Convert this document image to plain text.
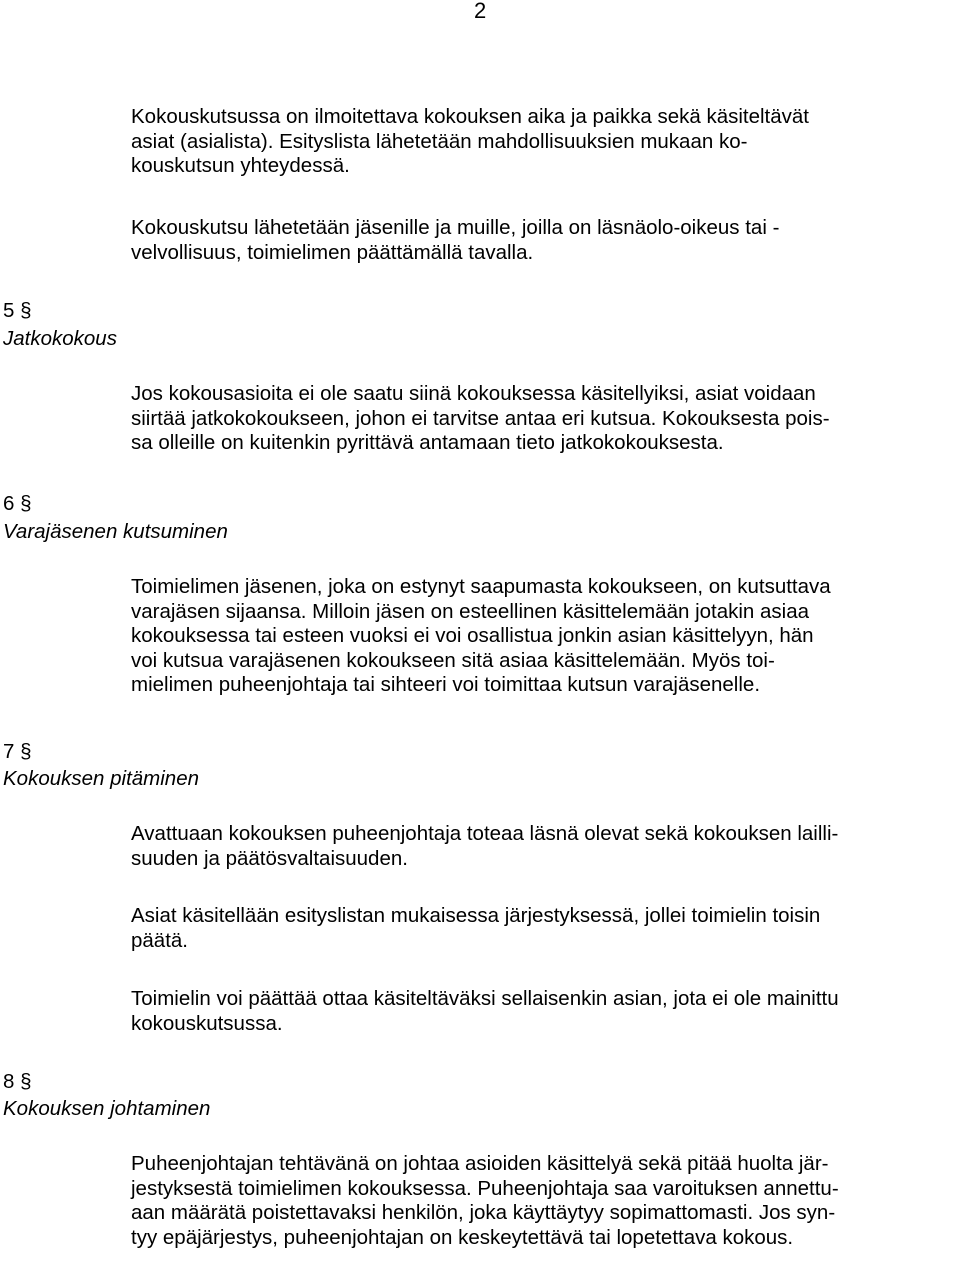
2

Kokouskutsussa on ilmoitettava kokouksen aika ja paikka sekä käsiteltävät
asiat (asialista). Esityslista lähetetään mahdollisuuksien mukaan ko-
kouskutsun yhteydessä.

Kokouskutsu lähetetään jäsenille ja muille, joilla on läsnäolo-oikeus tai -
velvollisuus, toimielimen päättämällä tavalla.

5 §
Jatkokokous

Jos kokousasioita ei ole saatu siinä kokouksessa käsitellyiksi, asiat voidaan
siirtää jatkokokoukseen, johon ei tarvitse antaa eri kutsua. Kokouksesta pois-
sa olleille on kuitenkin pyrittävä antamaan tieto jatkokokouksesta.

6 §
Varajäsenen kutsuminen

Toimielimen jäsenen, joka on estynyt saapumasta kokoukseen, on kutsuttava
varajäsen sijaansa. Milloin jäsen on esteellinen käsittelemään jotakin asiaa
kokouksessa tai esteen vuoksi ei voi osallistua jonkin asian käsittelyyn, hän
voi kutsua varajäsenen kokoukseen sitä asiaa käsittelemään. Myös toi-
mielimen puheenjohtaja tai sihteeri voi toimittaa kutsun varajäsenelle.

7 §
Kokouksen pitäminen

Avattuaan kokouksen puheenjohtaja toteaa läsnä olevat sekä kokouksen lailli-
suuden ja päätösvaltaisuuden.

Asiat käsitellään esityslistan mukaisessa järjestyksessä, jollei toimielin toisin
päätä.

Toimielin voi päättää ottaa käsiteltäväksi sellaisenkin asian, jota ei ole mainittu
kokouskutsussa.

8 §
Kokouksen johtaminen

Puheenjohtajan tehtävänä on johtaa asioiden käsittelyä sekä pitää huolta jär-
jestyksestä toimielimen kokouksessa. Puheenjohtaja saa varoituksen annettu-
aan määrätä poistettavaksi henkilön, joka käyttäytyy sopimattomasti. Jos syn-
tyy epäjärjestys, puheenjohtajan on keskeytettävä tai lopetettava kokous.
